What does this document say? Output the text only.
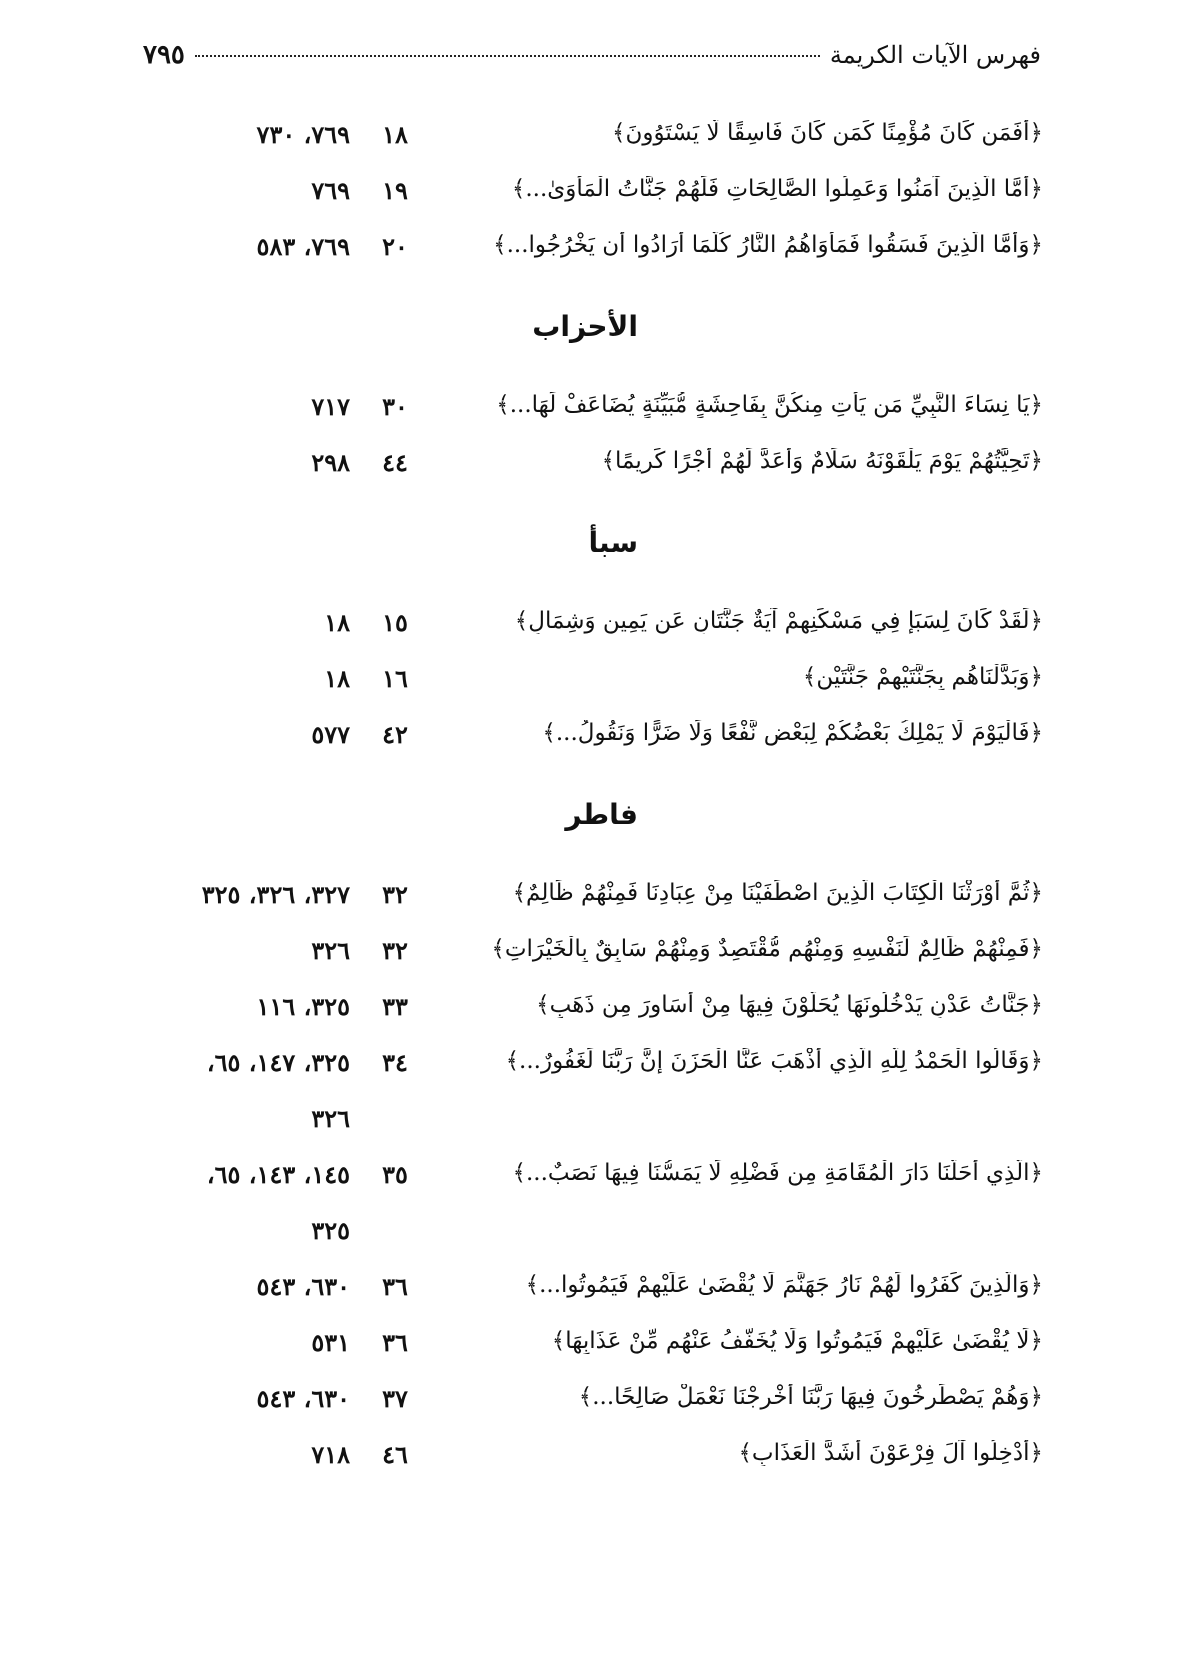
فهرس الآيات الكريمة
٧٩٥
﴿أَفَمَن كَانَ مُؤْمِنًا كَمَن كَانَ فَاسِقًا لَّا يَسْتَوُونَ﴾
١٨
٧٦٩، ٧٣٠
﴿أَمَّا الَّذِينَ آمَنُوا وَعَمِلُوا الصَّالِحَاتِ فَلَهُمْ جَنَّاتُ الْمَأْوَىٰ...﴾
١٩
٧٦٩
﴿وَأَمَّا الَّذِينَ فَسَقُوا فَمَأْوَاهُمُ النَّارُ كُلَّمَا أَرَادُوا أَن يَخْرُجُوا...﴾
٢٠
٧٦٩، ٥٨٣
الأحزاب
﴿يَا نِسَاءَ النَّبِيِّ مَن يَأْتِ مِنكُنَّ بِفَاحِشَةٍ مُّبَيِّنَةٍ يُضَاعَفْ لَهَا...﴾
٣٠
٧١٧
﴿تَحِيَّتُهُمْ يَوْمَ يَلْقَوْنَهُ سَلَامٌ وَأَعَدَّ لَهُمْ أَجْرًا كَرِيمًا﴾
٤٤
٢٩٨
سبأ
﴿لَقَدْ كَانَ لِسَبَإٍ فِي مَسْكَنِهِمْ آيَةٌ جَنَّتَانِ عَن يَمِينٍ وَشِمَالٍ﴾
١٥
١٨
﴿وَبَدَّلْنَاهُم بِجَنَّتَيْهِمْ جَنَّتَيْنِ﴾
١٦
١٨
﴿فَالْيَوْمَ لَا يَمْلِكُ بَعْضُكُمْ لِبَعْضٍ نَّفْعًا وَلَا ضَرًّا وَنَقُولُ...﴾
٤٢
٥٧٧
فاطر
﴿ثُمَّ أَوْرَثْنَا الْكِتَابَ الَّذِينَ اصْطَفَيْنَا مِنْ عِبَادِنَا فَمِنْهُمْ ظَالِمٌ﴾
٣٢
٣٢٧، ٣٢٦، ٣٢٥
﴿فَمِنْهُمْ ظَالِمٌ لِّنَفْسِهِ وَمِنْهُم مُّقْتَصِدٌ وَمِنْهُمْ سَابِقٌ بِالْخَيْرَاتِ﴾
٣٢
٣٢٦
﴿جَنَّاتُ عَدْنٍ يَدْخُلُونَهَا يُحَلَّوْنَ فِيهَا مِنْ أَسَاوِرَ مِن ذَهَبٍ﴾
٣٣
٣٢٥، ١١٦
﴿وَقَالُوا الْحَمْدُ لِلَّهِ الَّذِي أَذْهَبَ عَنَّا الْحَزَنَ إِنَّ رَبَّنَا لَغَفُورٌ...﴾
٣٤
٣٢٥، ١٤٧، ٦٥،
٣٢٦
﴿الَّذِي أَحَلَّنَا دَارَ الْمُقَامَةِ مِن فَضْلِهِ لَا يَمَسُّنَا فِيهَا نَصَبٌ...﴾
٣٥
١٤٥، ١٤٣، ٦٥،
٣٢٥
﴿وَالَّذِينَ كَفَرُوا لَهُمْ نَارُ جَهَنَّمَ لَا يُقْضَىٰ عَلَيْهِمْ فَيَمُوتُوا...﴾
٣٦
٦٣٠، ٥٤٣
﴿لَا يُقْضَىٰ عَلَيْهِمْ فَيَمُوتُوا وَلَا يُخَفَّفُ عَنْهُم مِّنْ عَذَابِهَا﴾
٣٦
٥٣١
﴿وَهُمْ يَصْطَرِخُونَ فِيهَا رَبَّنَا أَخْرِجْنَا نَعْمَلْ صَالِحًا...﴾
٣٧
٦٣٠، ٥٤٣
﴿أَدْخِلُوا آلَ فِرْعَوْنَ أَشَدَّ الْعَذَابِ﴾
٤٦
٧١٨
